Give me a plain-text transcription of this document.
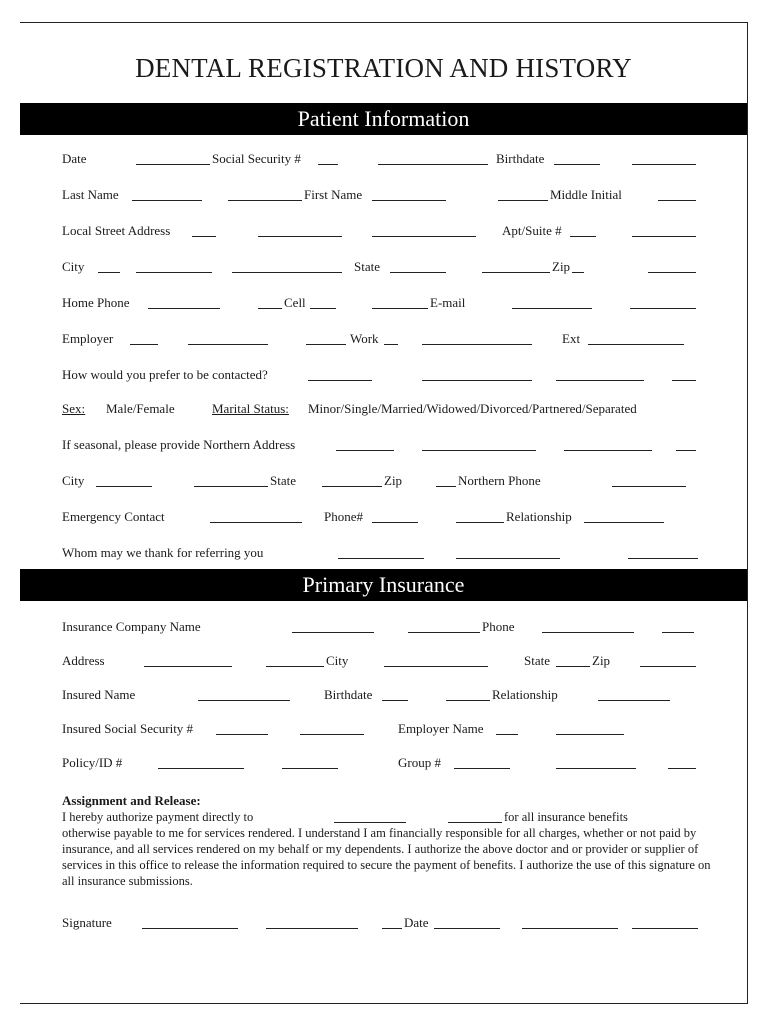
DENTAL REGISTRATION AND HISTORY
Patient Information
Date	Social Security #	Birthdate
Last Name	First Name	Middle Initial
Local Street Address	Apt/Suite #
City	State	Zip
Home Phone	Cell	E-mail
Employer	Work	Ext
How would you prefer to be contacted?
Sex: Male/Female	Marital Status: Minor/Single/Married/Widowed/Divorced/Partnered/Separated
If seasonal, please provide Northern Address
City	State	Zip	Northern Phone
Emergency Contact	Phone#	Relationship
Whom may we thank for referring you
Primary Insurance
Insurance Company Name	Phone
Address	City	State	Zip
Insured Name	Birthdate	Relationship
Insured Social Security #	Employer Name
Policy/ID #	Group #
Assignment and Release:
I hereby authorize payment directly to	for all insurance benefits
otherwise payable to me for services rendered. I understand I am financially responsible for all charges, whether or not paid by insurance, and all services rendered on my behalf or my dependents. I authorize the above doctor and or provider or supplier of services in this office to release the information required to secure the payment of benefits. I authorize the use of this signature on all insurance submissions.
Signature	Date
